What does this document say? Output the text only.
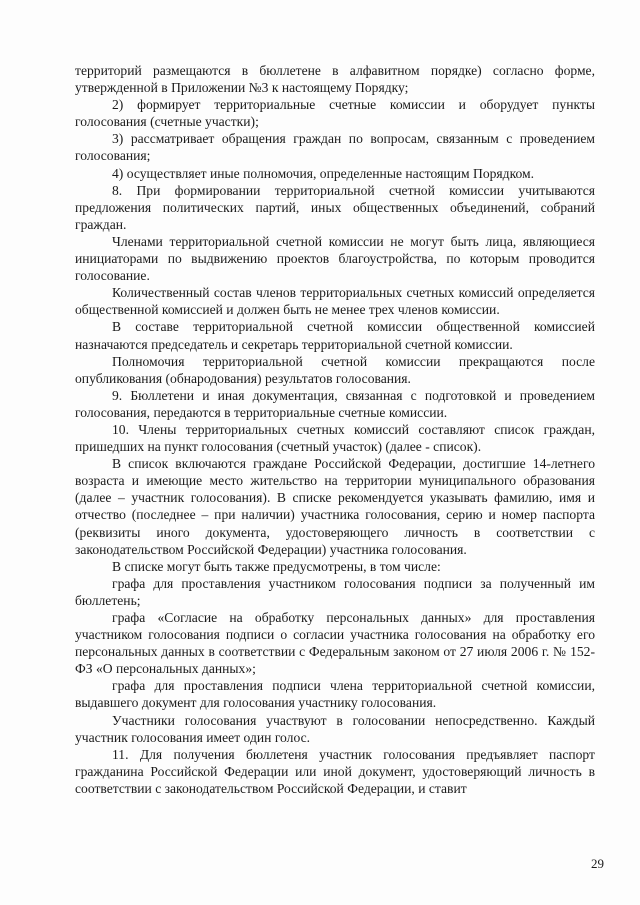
территорий размещаются в бюллетене в алфавитном порядке) согласно форме, утвержденной в Приложении №3 к настоящему Порядку;

2) формирует территориальные счетные комиссии и оборудует пункты голосования (счетные участки);

3) рассматривает обращения граждан по вопросам, связанным с проведением голосования;

4) осуществляет иные полномочия, определенные настоящим Порядком.

8. При формировании территориальной счетной комиссии учитываются предложения политических партий, иных общественных объединений, собраний граждан.

Членами территориальной счетной комиссии не могут быть лица, являющиеся инициаторами по выдвижению проектов благоустройства, по которым проводится голосование.

Количественный состав членов территориальных счетных комиссий определяется общественной комиссией и должен быть не менее трех членов комиссии.

В составе территориальной счетной комиссии общественной комиссией назначаются председатель и секретарь территориальной счетной комиссии.

Полномочия территориальной счетной комиссии прекращаются после опубликования (обнародования) результатов голосования.

9. Бюллетени и иная документация, связанная с подготовкой и проведением голосования, передаются в территориальные счетные комиссии.

10. Члены территориальных счетных комиссий составляют список граждан, пришедших на пункт голосования (счетный участок) (далее - список).

В список включаются граждане Российской Федерации, достигшие 14-летнего возраста и имеющие место жительство на территории муниципального образования (далее – участник голосования). В списке рекомендуется указывать фамилию, имя и отчество (последнее – при наличии) участника голосования, серию и номер паспорта (реквизиты иного документа, удостоверяющего личность в соответствии с законодательством Российской Федерации) участника голосования.

В списке могут быть также предусмотрены, в том числе:

графа для проставления участником голосования подписи за полученный им бюллетень;

графа «Согласие на обработку персональных данных» для проставления участником голосования подписи о согласии участника голосования на обработку его персональных данных в соответствии с Федеральным законом от 27 июля 2006 г. № 152-ФЗ «О персональных данных»;

графа для проставления подписи члена территориальной счетной комиссии, выдавшего документ для голосования участнику голосования.

Участники голосования участвуют в голосовании непосредственно. Каждый участник голосования имеет один голос.

11. Для получения бюллетеня участник голосования предъявляет паспорт гражданина Российской Федерации или иной документ, удостоверяющий личность в соответствии с законодательством Российской Федерации, и ставит

29
